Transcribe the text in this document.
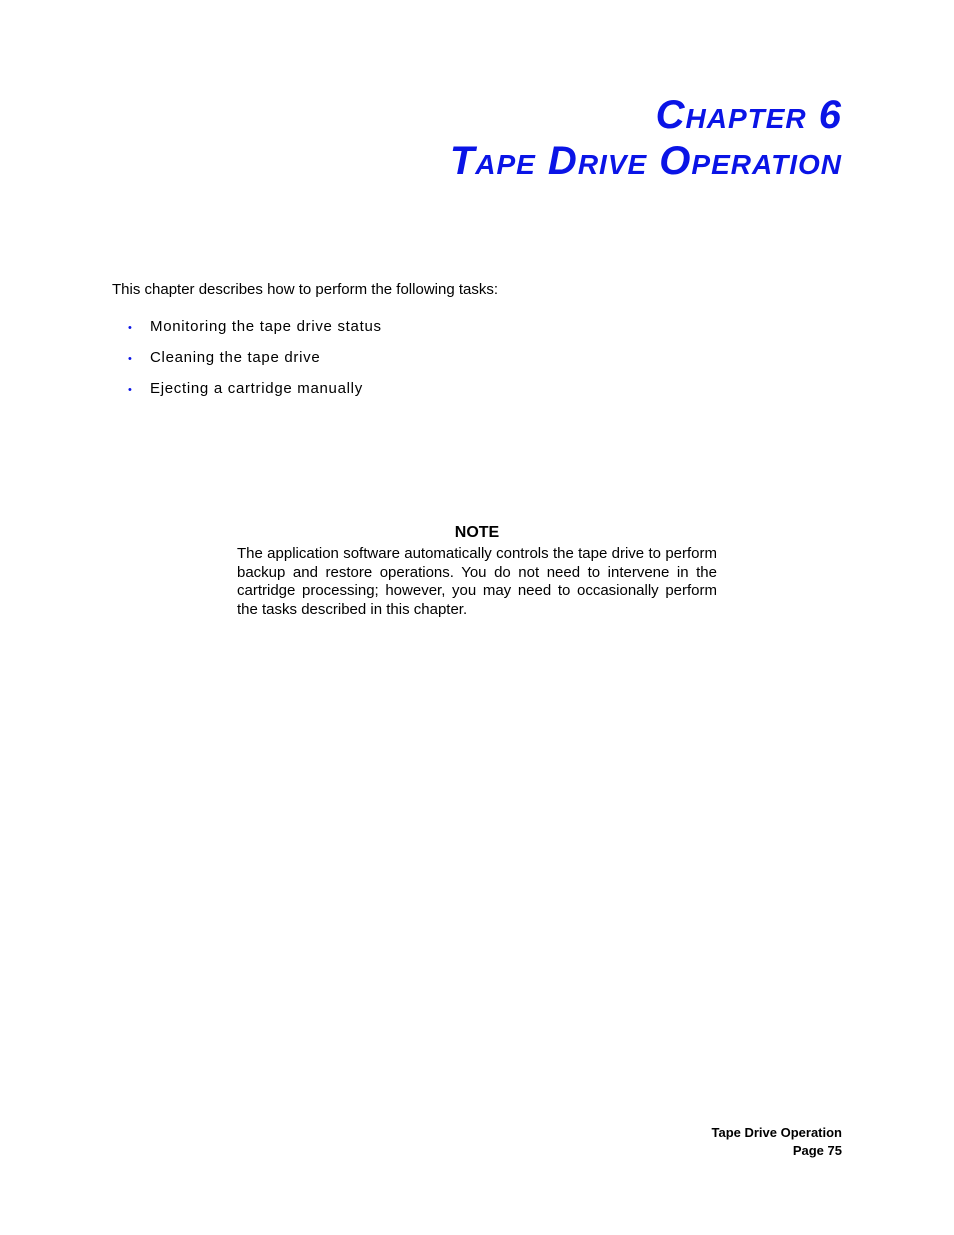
Chapter 6
Tape Drive Operation
This chapter describes how to perform the following tasks:
• Monitoring the tape drive status
• Cleaning the tape drive
• Ejecting a cartridge manually
NOTE
The application software automatically controls the tape drive to perform backup and restore operations. You do not need to intervene in the cartridge processing; however, you may need to occasionally perform the tasks described in this chapter.
Tape Drive Operation
Page 75
